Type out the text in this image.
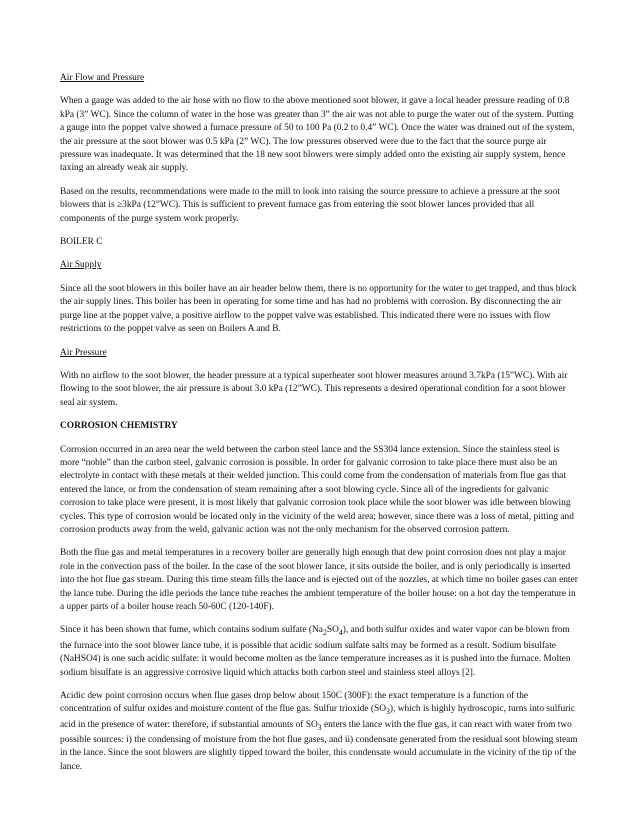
Air Flow and Pressure

When a gauge was added to the air hose with no flow to the above mentioned soot blower, it gave a local header pressure reading of 0.8 kPa (3” WC). Since the column of water in the hose was greater than 3” the air was not able to purge the water out of the system. Putting a gauge into the poppet valve showed a furnace pressure of 50 to 100 Pa (0.2 to 0.4” WC). Once the water was drained out of the system, the air pressure at the soot blower was 0.5 kPa (2” WC). The low pressures observed were due to the fact that the source purge air pressure was inadequate. It was determined that the 18 new soot blowers were simply added onto the existing air supply system, hence taxing an already weak air supply.

Based on the results, recommendations were made to the mill to look into raising the source pressure to achieve a pressure at the soot blowers that is ≥3kPa (12”WC). This is sufficient to prevent furnace gas from entering the soot blower lances provided that all components of the purge system work properly.

BOILER C

Air Supply

Since all the soot blowers in this boiler have an air header below them, there is no opportunity for the water to get trapped, and thus block the air supply lines. This boiler has been in operating for some time and has had no problems with corrosion. By disconnecting the air purge line at the poppet valve, a positive airflow to the poppet valve was established. This indicated there were no issues with flow restrictions to the poppet valve as seen on Boilers A and B.

Air Pressure

With no airflow to the soot blower, the header pressure at a typical superheater soot blower measures around 3.7kPa (15”WC). With air flowing to the soot blower, the air pressure is about 3.0 kPa (12”WC). This represents a desired operational condition for a soot blower seal air system.

CORROSION CHEMISTRY

Corrosion occurred in an area near the weld between the carbon steel lance and the SS304 lance extension. Since the stainless steel is more “noble” than the carbon steel, galvanic corrosion is possible. In order for galvanic corrosion to take place there must also be an electrolyte in contact with these metals at their welded junction. This could come from the condensation of materials from flue gas that entered the lance, or from the condensation of steam remaining after a soot blowing cycle. Since all of the ingredients for galvanic corrosion to take place were present, it is most likely that galvanic corrosion took place while the soot blower was idle between blowing cycles. This type of corrosion would be located only in the vicinity of the weld area; however, since there was a loss of metal, pitting and corrosion products away from the weld, galvanic action was not the only mechanism for the observed corrosion pattern.

Both the flue gas and metal temperatures in a recovery boiler are generally high enough that dew point corrosion does not play a major role in the convection pass of the boiler. In the case of the soot blower lance, it sits outside the boiler, and is only periodically is inserted into the hot flue gas stream. During this time steam fills the lance and is ejected out of the nozzles, at which time no boiler gases can enter the lance tube. During the idle periods the lance tube reaches the ambient temperature of the boiler house: on a hot day the temperature in a upper parts of a boiler house reach 50-60C (120-140F).

Since it has been shown that fume, which contains sodium sulfate $(Na_2SO_4)$, and both sulfur oxides and water vapor can be blown from the furnace into the soot blower lance tube, it is possible that acidic sodium sulfate salts may be formed as a result. Sodium bisulfate (NaHSO4) is one such acidic sulfate: it would become molten as the lance temperature increases as it is pushed into the furnace. Molten sodium bisulfate is an aggressive corrosive liquid which attacks both carbon steel and stainless steel alloys [2].

Acidic dew point corrosion occurs when flue gases drop below about 150C (300F): the exact temperature is a function of the concentration of sulfur oxides and moisture content of the flue gas. Sulfur trioxide $(SO_3)$, which is highly hydroscopic, turns into sulfuric acid in the presence of water: therefore, if substantial amounts of $SO_3$ enters the lance with the flue gas, it can react with water from two possible sources: i) the condensing of moisture from the hot flue gases, and ii) condensate generated from the residual soot blowing steam in the lance. Since the soot blowers are slightly tipped toward the boiler, this condensate would accumulate in the vicinity of the tip of the lance.
